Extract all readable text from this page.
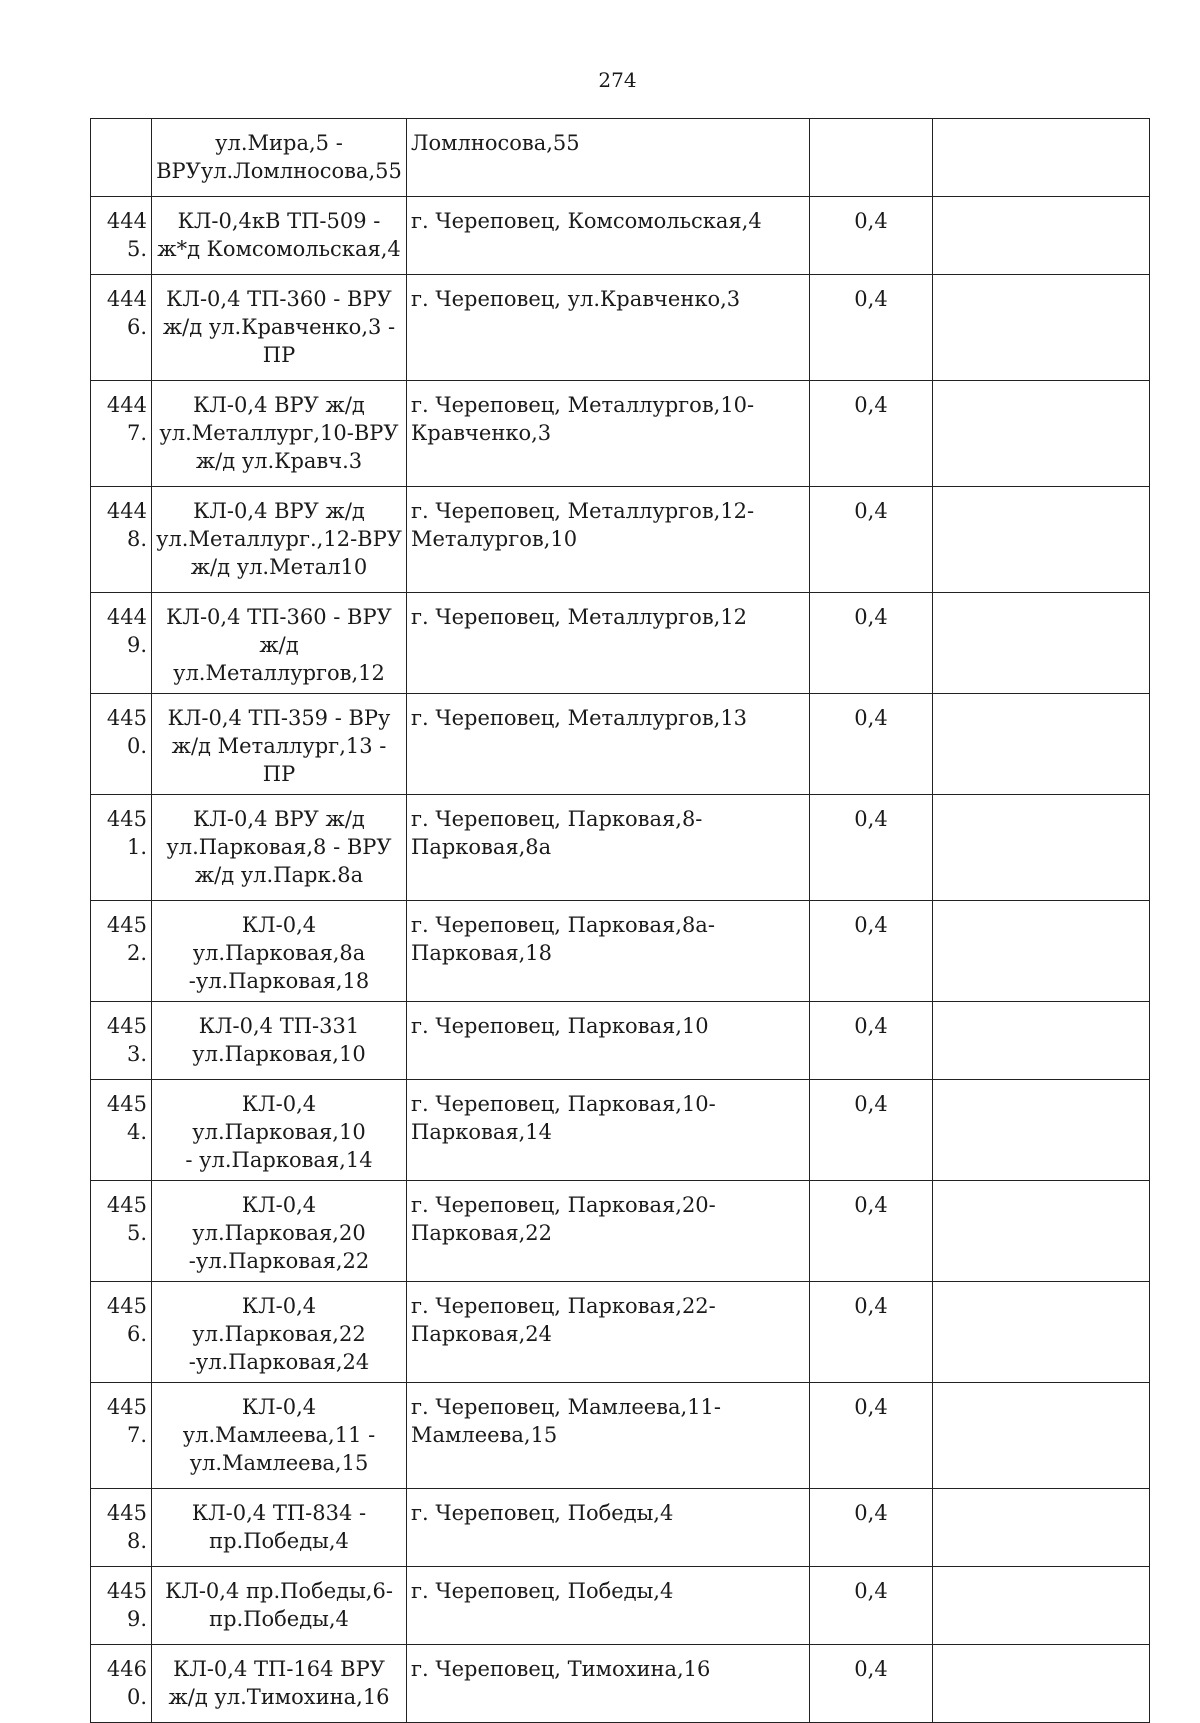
274

	ул.Мира,5 -
ВРУул.Ломлносова,55	Ломлносова,55		

4445.	КЛ-0,4кВ ТП-509 -
ж*д Комсомольская,4	г. Череповец, Комсомольская,4	0,4	
4446.	КЛ-0,4 ТП-360 - ВРУ
ж/д ул.Кравченко,3 -
ПР	г. Череповец, ул.Кравченко,3	0,4	
4447.	КЛ-0,4 ВРУ ж/д
ул.Металлург,10-ВРУ
ж/д ул.Кравч.3	г. Череповец, Металлургов,10-
Кравченко,3	0,4	
4448.	КЛ-0,4 ВРУ ж/д
ул.Металлург.,12-ВРУ
ж/д ул.Метал10	г. Череповец, Металлургов,12-
Металургов,10	0,4	
4449.	КЛ-0,4 ТП-360 - ВРУ
ж/д ул.Металлургов,12	г. Череповец, Металлургов,12	0,4	
4450.	КЛ-0,4 ТП-359 - ВРу
ж/д Металлург,13 - ПР	г. Череповец, Металлургов,13	0,4	
4451.	КЛ-0,4 ВРУ ж/д
ул.Парковая,8 - ВРУ
ж/д ул.Парк.8а	г. Череповец, Парковая,8-
Парковая,8а	0,4	
4452.	КЛ-0,4 ул.Парковая,8а
-ул.Парковая,18	г. Череповец, Парковая,8а-
Парковая,18	0,4	
4453.	КЛ-0,4 ТП-331
ул.Парковая,10	г. Череповец, Парковая,10	0,4	
4454.	КЛ-0,4 ул.Парковая,10
- ул.Парковая,14	г. Череповец, Парковая,10-
Парковая,14	0,4	
4455.	КЛ-0,4 ул.Парковая,20
-ул.Парковая,22	г. Череповец, Парковая,20-
Парковая,22	0,4	
4456.	КЛ-0,4 ул.Парковая,22
-ул.Парковая,24	г. Череповец, Парковая,22-
Парковая,24	0,4	
4457.	КЛ-0,4
ул.Мамлеева,11 -
ул.Мамлеева,15	г. Череповец, Мамлеева,11-
Мамлеева,15	0,4	
4458.	КЛ-0,4 ТП-834 -
пр.Победы,4	г. Череповец, Победы,4	0,4	
4459.	КЛ-0,4 пр.Победы,6-
пр.Победы,4	г. Череповец, Победы,4	0,4	
4460.	КЛ-0,4 ТП-164 ВРУ
ж/д ул.Тимохина,16	г. Череповец, Тимохина,16	0,4	
